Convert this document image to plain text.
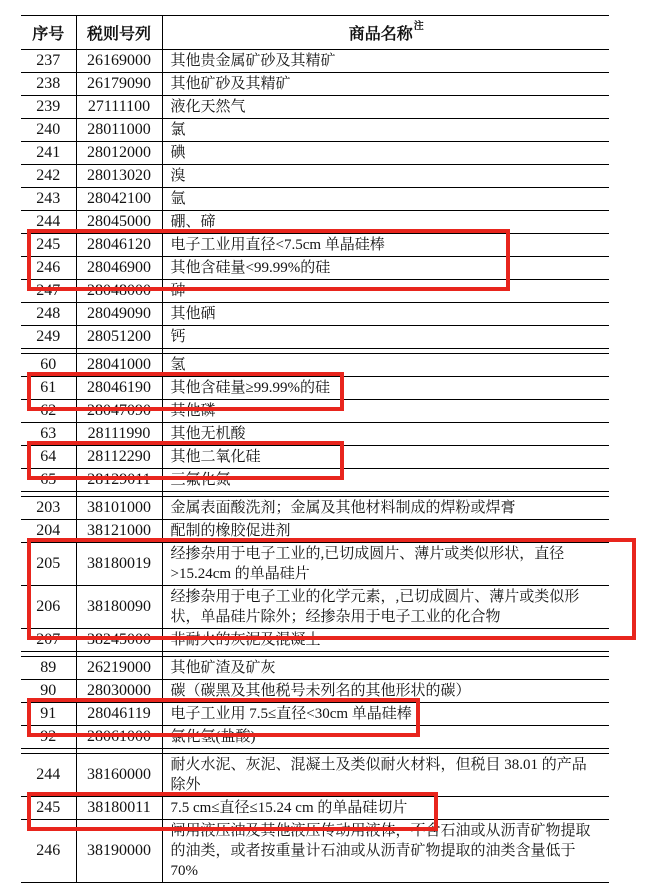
序号	税则号列	商品名称$^注$
237	26169000	其他贵金属矿砂及其精矿
238	26179090	其他矿砂及其精矿
239	27111100	液化天然气
240	28011000	氯
241	28012000	碘
242	28013020	溴
243	28042100	氩
244	28045000	硼、碲
245	28046120	电子工业用直径<7.5cm 单晶硅棒
246	28046900	其他含硅量<99.99%的硅
247	28048000	砷
248	28049090	其他硒
249	28051200	钙

60	28041000	氢
61	28046190	其他含硅量≥99.99%的硅
62	28047090	其他磷
63	28111990	其他无机酸
64	28112290	其他二氧化硅
65	28129011	三氟化氮

203	38101000	金属表面酸洗剂；金属及其他材料制成的焊粉或焊膏
204	38121000	配制的橡胶促进剂
205	38180019	经掺杂用于电子工业的,已切成圆片、薄片或类似形状，直径>15.24cm 的单晶硅片
206	38180090	经掺杂用于电子工业的化学元素，,已切成圆片、薄片或类似形状，单晶硅片除外；经掺杂用于电子工业的化合物
207	38245000	非耐火的灰泥及混凝土

89	26219000	其他矿渣及矿灰
90	28030000	碳（碳黑及其他税号未列名的其他形状的碳）
91	28046119	电子工业用 7.5≤直径<30cm 单晶硅棒
92	28061000	氯化氢(盐酸)

244	38160000	耐火水泥、灰泥、混凝土及类似耐火材料，但税目 38.01 的产品除外
245	38180011	7.5 cm≤直径≤15.24 cm 的单晶硅切片
246	38190000	闸用液压油及其他液压传动用液体，不含石油或从沥青矿物提取的油类，或者按重量计石油或从沥青矿物提取的油类含量低于 70%
